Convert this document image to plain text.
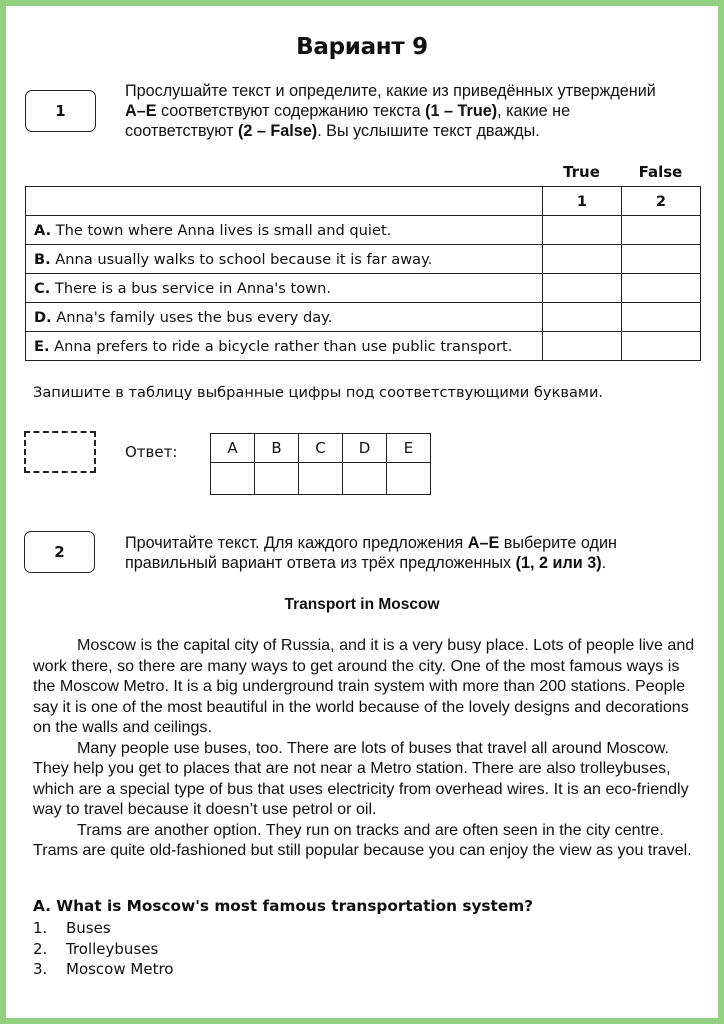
Вариант 9
1
Прослушайте текст и определите, какие из приведённых утверждений
А–Е соответствуют содержанию текста (1 – True), какие не
соответствуют (2 – False). Вы услышите текст дважды.
True	False
	1	2
A. The town where Anna lives is small and quiet.		
B. Anna usually walks to school because it is far away.		
C. There is a bus service in Anna's town.		
D. Anna's family uses the bus every day.		
E. Anna prefers to ride a bicycle rather than use public transport.		
Запишите в таблицу выбранные цифры под соответствующими буквами.
Ответ:	A	B	C	D	E

2	Прочитайте текст. Для каждого предложения А–Е выберите один
правильный вариант ответа из трёх предложенных (1, 2 или 3).
Transport in Moscow

Moscow is the capital city of Russia, and it is a very busy place. Lots of people live and work there, so there are many ways to get around the city. One of the most famous ways is the Moscow Metro. It is a big underground train system with more than 200 stations. People say it is one of the most beautiful in the world because of the lovely designs and decorations on the walls and ceilings.

Many people use buses, too. There are lots of buses that travel all around Moscow. They help you get to places that are not near a Metro station. There are also trolleybuses, which are a special type of bus that uses electricity from overhead wires. It is an eco-friendly way to travel because it doesn’t use petrol or oil.

Trams are another option. They run on tracks and are often seen in the city centre. Trams are quite old-fashioned but still popular because you can enjoy the view as you travel.

A. What is Moscow's most famous transportation system?
1.	Buses
2.	Trolleybuses
3.	Moscow Metro
